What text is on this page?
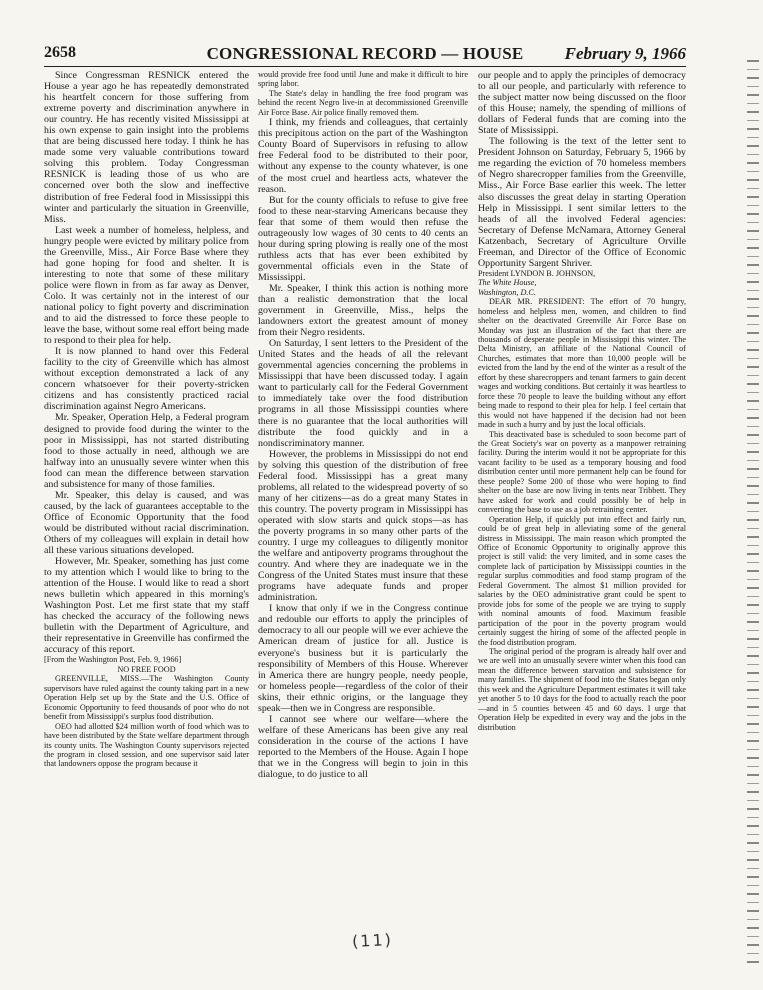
2658	CONGRESSIONAL RECORD — HOUSE	February 9, 1966

Since Congressman RESNICK entered the House a year ago he has repeatedly demonstrated his heartfelt concern for those suffering from extreme poverty and discrimination anywhere in our country. He has recently visited Mississippi at his own expense to gain insight into the problems that are being discussed here today. I think he has made some very valuable contributions toward solving this problem. Today Congressman RESNICK is leading those of us who are concerned over both the slow and ineffective distribution of free Federal food in Mississippi this winter and particularly the situation in Greenville, Miss.

Last week a number of homeless, helpless, and hungry people were evicted by military police from the Greenville, Miss., Air Force Base where they had gone hoping for food and shelter. It is interesting to note that some of these military police were flown in from as far away as Denver, Colo. It was certainly not in the interest of our national policy to fight poverty and discrimination and to aid the distressed to force these people to leave the base, without some real effort being made to respond to their plea for help.

It is now planned to hand over this Federal facility to the city of Greenville which has almost without exception demonstrated a lack of any concern whatsoever for their poverty-stricken citizens and has consistently practiced racial discrimination against Negro Americans.

Mr. Speaker, Operation Help, a Federal program designed to provide food during the winter to the poor in Mississippi, has not started distributing food to those actually in need, although we are halfway into an unusually severe winter when this food can mean the difference between starvation and subsistence for many of those families.

Mr. Speaker, this delay is caused, and was caused, by the lack of guarantees acceptable to the Office of Economic Opportunity that the food would be distributed without racial discrimination. Others of my colleagues will explain in detail how all these various situations developed.

However, Mr. Speaker, something has just come to my attention which I would like to bring to the attention of the House. I would like to read a short news bulletin which appeared in this morning's Washington Post. Let me first state that my staff has checked the accuracy of the following news bulletin with the Department of Agriculture, and their representative in Greenville has confirmed the accuracy of this report.

[From the Washington Post, Feb. 9, 1966]

NO FREE FOOD

GREENVILLE, MISS.—The Washington County supervisors have ruled against the county taking part in a new Operation Help set up by the State and the U.S. Office of Economic Opportunity to feed thousands of poor who do not benefit from Mississippi's surplus food distribution.

OEO had allotted $24 million worth of food which was to have been distributed by the State welfare department through its county units. The Washington County supervisors rejected the program in closed session, and one supervisor said later that landowners oppose the program because it

would provide free food until June and make it difficult to hire spring labor.

The State's delay in handling the free food program was behind the recent Negro live-in at decommissioned Greenville Air Force Base. Air police finally removed them.

I think, my friends and colleagues, that certainly this precipitous action on the part of the Washington County Board of Supervisors in refusing to allow free Federal food to be distributed to their poor, without any expense to the county whatever, is one of the most cruel and heartless acts, whatever the reason.

But for the county officials to refuse to give free food to these near-starving Americans because they fear that some of them would then refuse the outrageously low wages of 30 cents to 40 cents an hour during spring plowing is really one of the most ruthless acts that has ever been exhibited by governmental officials even in the State of Mississippi.

Mr. Speaker, I think this action is nothing more than a realistic demonstration that the local government in Greenville, Miss., helps the landowners extort the greatest amount of money from their Negro residents.

On Saturday, I sent letters to the President of the United States and the heads of all the relevant governmental agencies concerning the problems in Mississippi that have been discussed today. I again want to particularly call for the Federal Government to immediately take over the food distribution programs in all those Mississippi counties where there is no guarantee that the local authorities will distribute the food quickly and in a nondiscriminatory manner.

However, the problems in Mississippi do not end by solving this question of the distribution of free Federal food. Mississippi has a great many problems, all related to the widespread poverty of so many of her citizens—as do a great many States in this country. The poverty program in Mississippi has operated with slow starts and quick stops—as has the poverty programs in so many other parts of the country. I urge my colleagues to diligently monitor the welfare and antipoverty programs throughout the country. And where they are inadequate we in the Congress of the United States must insure that these programs have adequate funds and proper administration.

I know that only if we in the Congress continue and redouble our efforts to apply the principles of democracy to all our people will we ever achieve the American dream of justice for all. Justice is everyone's business but it is particularly the responsibility of Members of this House. Wherever in America there are hungry people, needy people, or homeless people—regardless of the color of their skins, their ethnic origins, or the language they speak—then we in Congress are responsible.

I cannot see where our welfare—where the welfare of these Americans has been give any real consideration in the course of the actions I have reported to the Members of the House. Again I hope that we in the Congress will begin to join in this dialogue, to do justice to all

our people and to apply the principles of democracy to all our people, and particularly with reference to the subject matter now being discussed on the floor of this House; namely, the spending of millions of dollars of Federal funds that are coming into the State of Mississippi.

The following is the text of the letter sent to President Johnson on Saturday, February 5, 1966 by me regarding the eviction of 70 homeless members of Negro sharecropper families from the Greenville, Miss., Air Force Base earlier this week. The letter also discusses the great delay in starting Operation Help in Mississippi. I sent similar letters to the heads of all the involved Federal agencies: Secretary of Defense McNamara, Attorney General Katzenbach, Secretary of Agriculture Orville Freeman, and Director of the Office of Economic Opportunity Sargent Shriver.

President LYNDON B. JOHNSON,
The White House,
Washington, D.C.

DEAR MR. PRESIDENT: The effort of 70 hungry, homeless and helpless men, women, and children to find shelter on the deactivated Greenville Air Force Base on Monday was just an illustration of the fact that there are thousands of desperate people in Mississippi this winter. The Delta Ministry, an affiliate of the National Council of Churches, estimates that more than 10,000 people will be evicted from the land by the end of the winter as a result of the effort by these sharecroppers and tenant farmers to gain decent wages and working conditions. But certainly it was heartless to force these 70 people to leave the building without any effort being made to respond to their plea for help. I feel certain that this would not have happened if the decision had not been made in such a hurry and by just the local officials.

This deactivated base is scheduled to soon become part of the Great Society's war on poverty as a manpower retraining facility. During the interim would it not be appropriate for this vacant facility to be used as a temporary housing and food distribution center until more permanent help can be found for these people? Some 200 of those who were hoping to find shelter on the base are now living in tents near Tribbett. They have asked for work and could possibly be of help in converting the base to use as a job retraining center.

Operation Help, if quickly put into effect and fairly run, could be of great help in alleviating some of the general distress in Mississippi. The main reason which prompted the Office of Economic Opportunity to originally approve this project is still valid: the very limited, and in some cases the complete lack of participation by Mississippi counties in the regular surplus commodities and food stamp program of the Federal Government. The almost $1 million provided for salaries by the OEO administrative grant could be spent to provide jobs for some of the people we are trying to supply with nominal amounts of food. Maximum feasible participation of the poor in the poverty program would certainly suggest the hiring of some of the affected people in the food distribution program.

The original period of the program is already half over and we are well into an unusually severe winter when this food can mean the difference between starvation and subsistence for many families. The shipment of food into the States began only this week and the Agriculture Department estimates it will take yet another 5 to 10 days for the food to actually reach the poor—and in 5 counties between 45 and 60 days. I urge that Operation Help be expedited in every way and the jobs in the distribution

(11)
